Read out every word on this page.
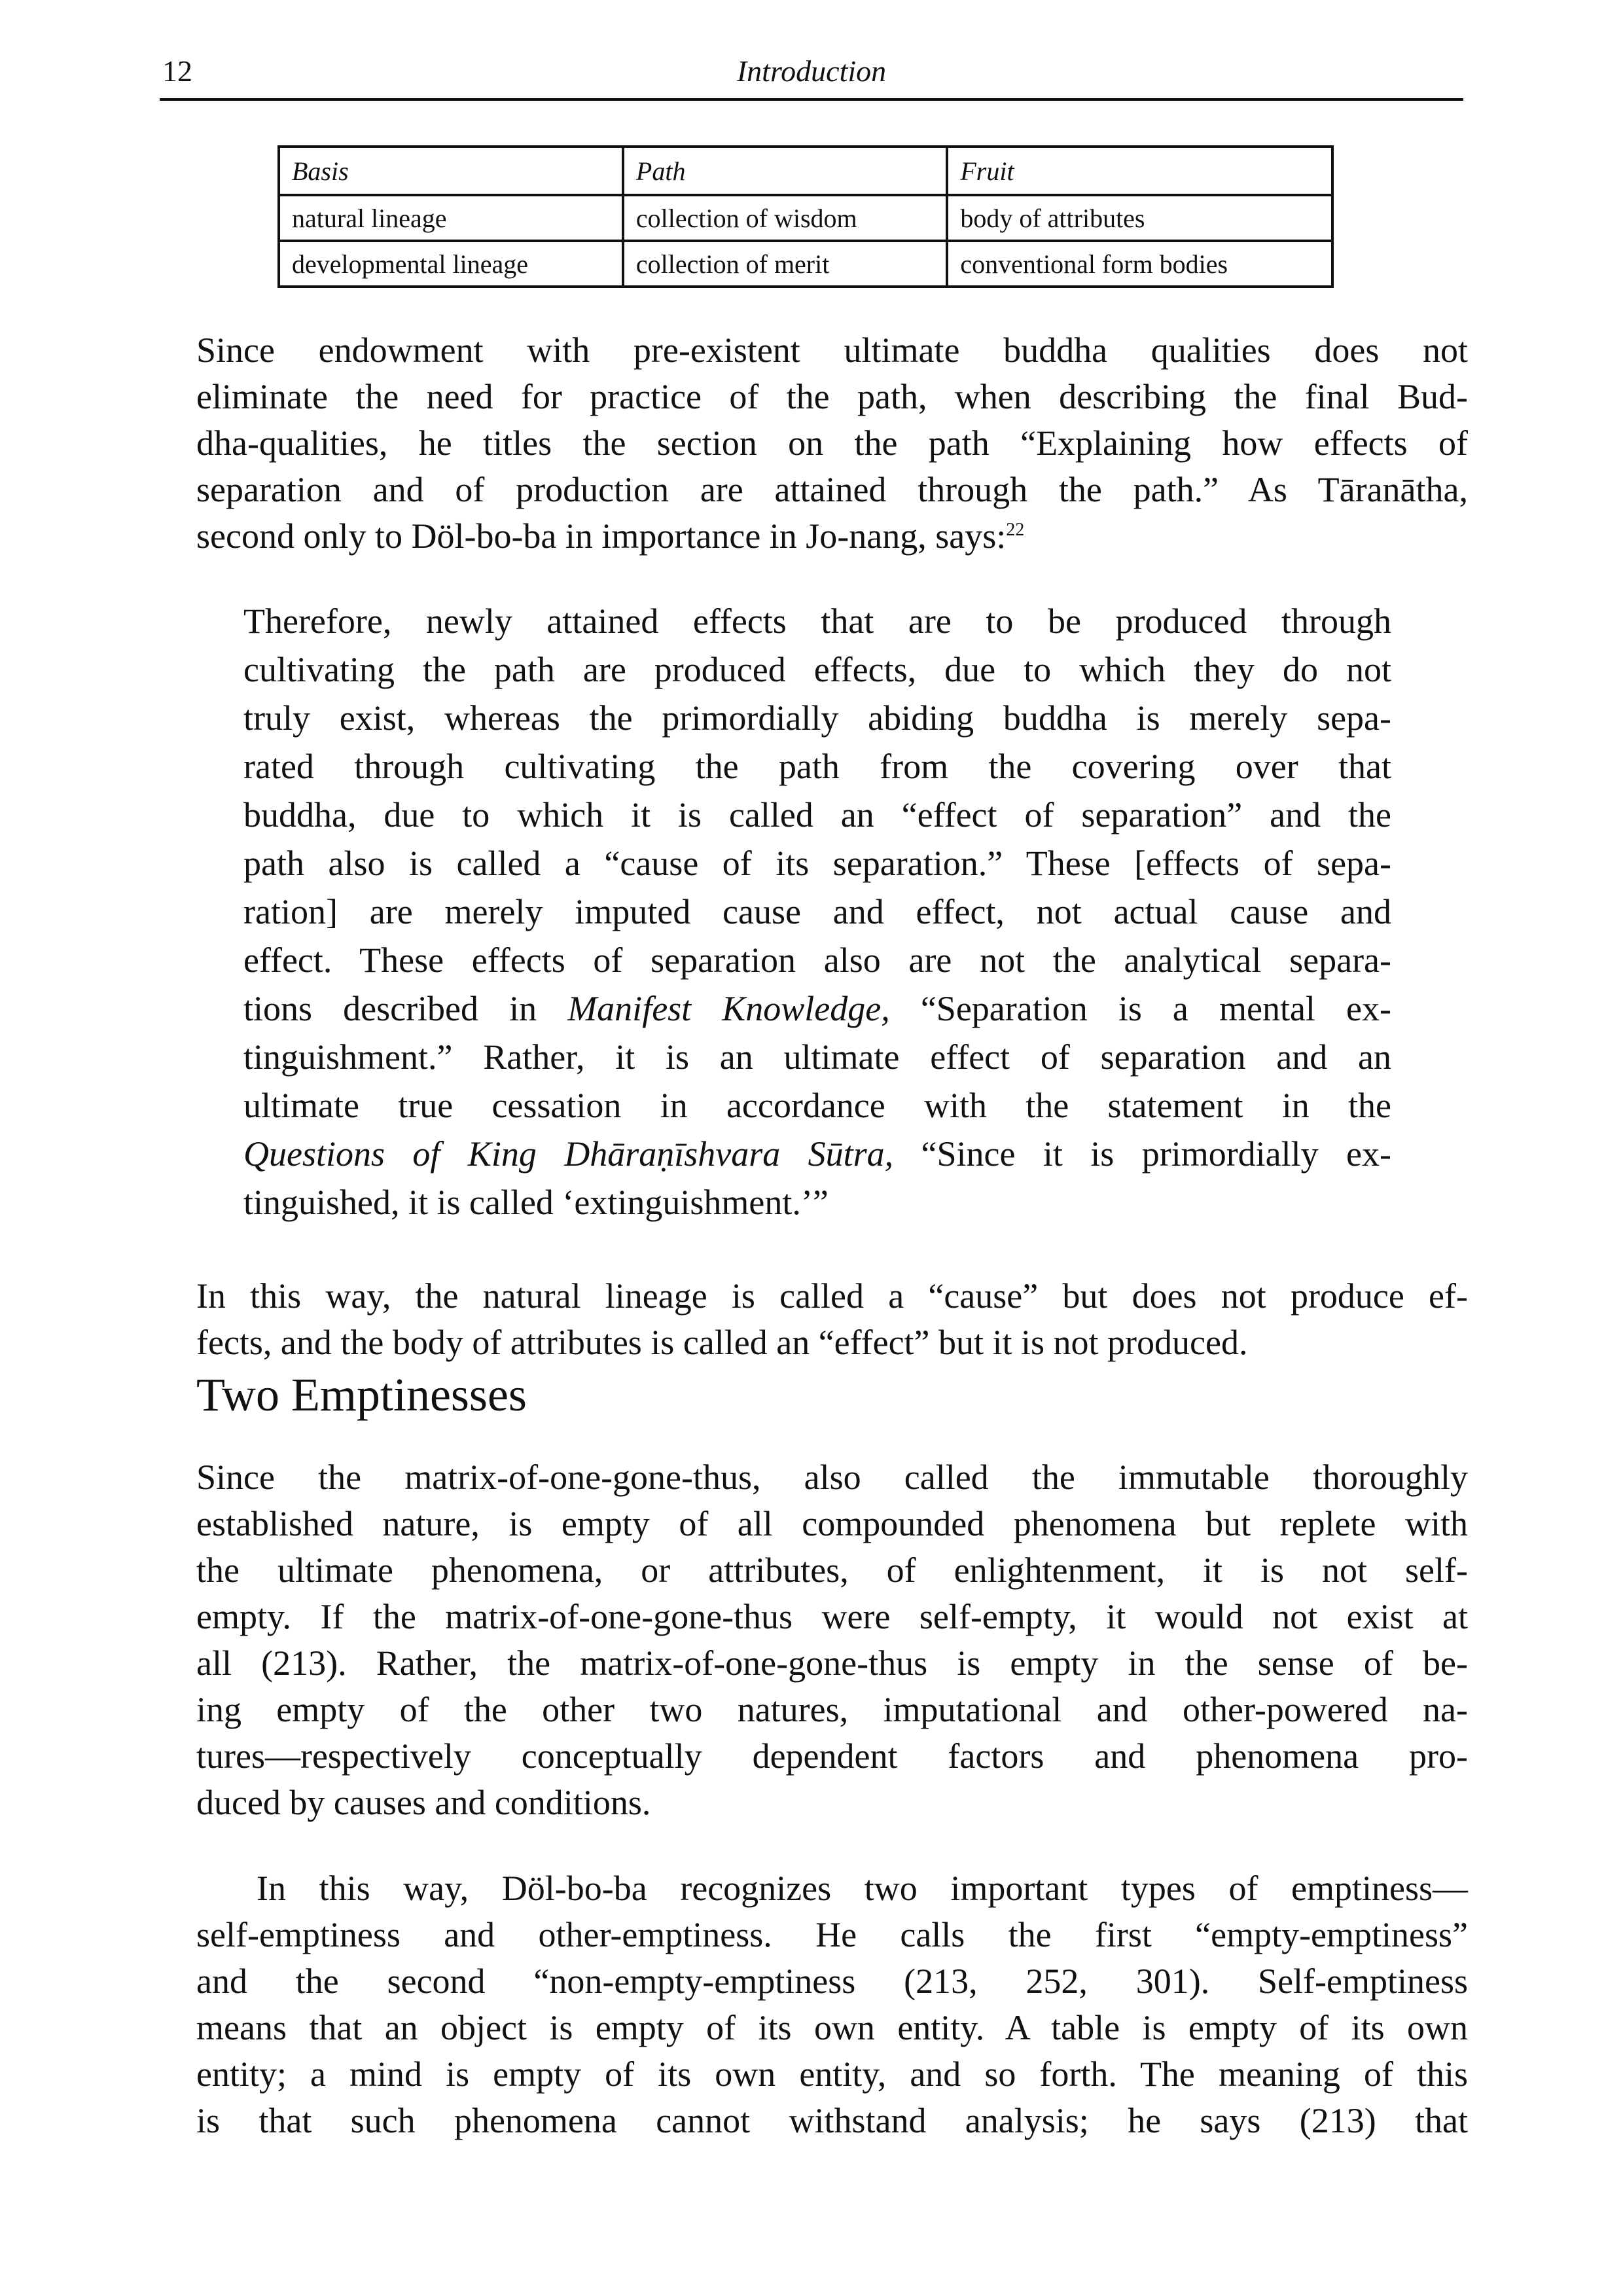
12	Introduction
Basis	Path	Fruit
natural lineage	collection of wisdom	body of attributes
developmental lineage	collection of merit	conventional form bodies
Since endowment with pre-existent ultimate buddha qualities does not
eliminate the need for practice of the path, when describing the final Bud-
dha-qualities, he titles the section on the path “Explaining how effects of
separation and of production are attained through the path.” As Tāranātha,
second only to Döl-bo-ba in importance in Jo-nang, says:$^{22}$
Therefore, newly attained effects that are to be produced through
cultivating the path are produced effects, due to which they do not
truly exist, whereas the primordially abiding buddha is merely sepa-
rated through cultivating the path from the covering over that
buddha, due to which it is called an “effect of separation” and the
path also is called a “cause of its separation.” These [effects of sepa-
ration] are merely imputed cause and effect, not actual cause and
effect. These effects of separation also are not the analytical separa-
tions described in Manifest Knowledge, “Separation is a mental ex-
tinguishment.” Rather, it is an ultimate effect of separation and an
ultimate true cessation in accordance with the statement in the
Questions of King Dhāraṇīshvara Sūtra, “Since it is primordially ex-
tinguished, it is called ‘extinguishment.’”
In this way, the natural lineage is called a “cause” but does not produce ef-
fects, and the body of attributes is called an “effect” but it is not produced.
Two Emptinesses
Since the matrix-of-one-gone-thus, also called the immutable thoroughly
established nature, is empty of all compounded phenomena but replete with
the ultimate phenomena, or attributes, of enlightenment, it is not self-
empty. If the matrix-of-one-gone-thus were self-empty, it would not exist at
all (213). Rather, the matrix-of-one-gone-thus is empty in the sense of be-
ing empty of the other two natures, imputational and other-powered na-
tures—respectively conceptually dependent factors and phenomena pro-
duced by causes and conditions.
In this way, Döl-bo-ba recognizes two important types of emptiness—
self-emptiness and other-emptiness. He calls the first “empty-emptiness”
and the second “non-empty-emptiness (213, 252, 301). Self-emptiness
means that an object is empty of its own entity. A table is empty of its own
entity; a mind is empty of its own entity, and so forth. The meaning of this
is that such phenomena cannot withstand analysis; he says (213) that
